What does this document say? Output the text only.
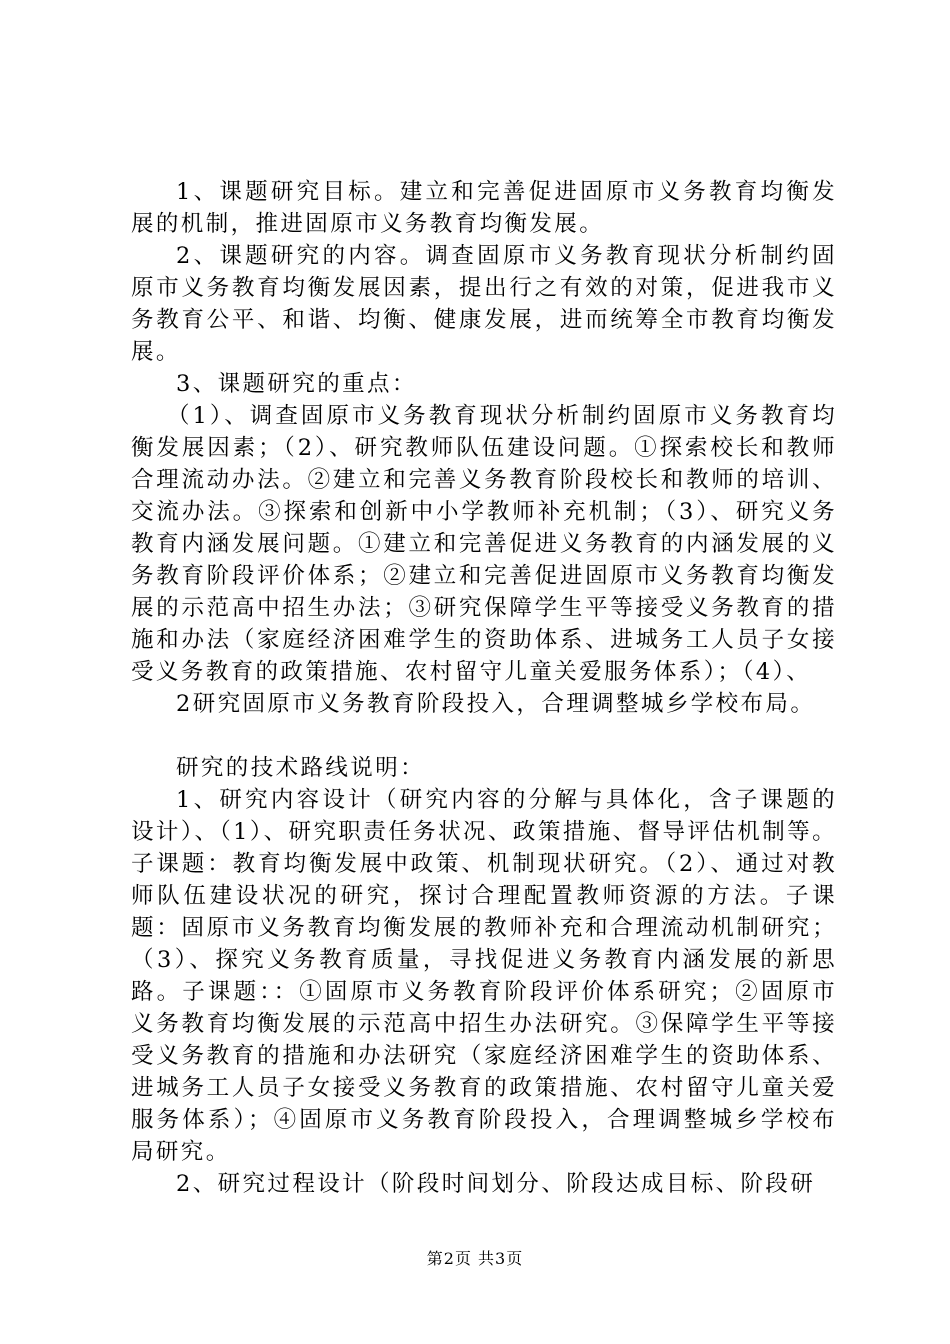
1、课题研究目标。建立和完善促进固原市义务教育均衡发展的机制，推进固原市义务教育均衡发展。

2、课题研究的内容。调查固原市义务教育现状分析制约固原市义务教育均衡发展因素，提出行之有效的对策，促进我市义务教育公平、和谐、均衡、健康发展，进而统筹全市教育均衡发展。

3、课题研究的重点：

（1）、调查固原市义务教育现状分析制约固原市义务教育均衡发展因素；（2）、研究教师队伍建设问题。①探索校长和教师合理流动办法。②建立和完善义务教育阶段校长和教师的培训、交流办法。③探索和创新中小学教师补充机制；（3）、研究义务教育内涵发展问题。①建立和完善促进义务教育的内涵发展的义务教育阶段评价体系；②建立和完善促进固原市义务教育均衡发展的示范高中招生办法；③研究保障学生平等接受义务教育的措施和办法（家庭经济困难学生的资助体系、进城务工人员子女接受义务教育的政策措施、农村留守儿童关爱服务体系）；（4）、

2研究固原市义务教育阶段投入，合理调整城乡学校布局。

研究的技术路线说明：

1、研究内容设计（研究内容的分解与具体化，含子课题的设计）、（1）、研究职责任务状况、政策措施、督导评估机制等。子课题：教育均衡发展中政策、机制现状研究。（2）、通过对教师队伍建设状况的研究，探讨合理配置教师资源的方法。子课题：固原市义务教育均衡发展的教师补充和合理流动机制研究；（3）、探究义务教育质量，寻找促进义务教育内涵发展的新思路。子课题：：①固原市义务教育阶段评价体系研究；②固原市义务教育均衡发展的示范高中招生办法研究。③保障学生平等接受义务教育的措施和办法研究（家庭经济困难学生的资助体系、进城务工人员子女接受义务教育的政策措施、农村留守儿童关爱服务体系）；④固原市义务教育阶段投入，合理调整城乡学校布局研究。

2、研究过程设计（阶段时间划分、阶段达成目标、阶段研

第2页 共3页
